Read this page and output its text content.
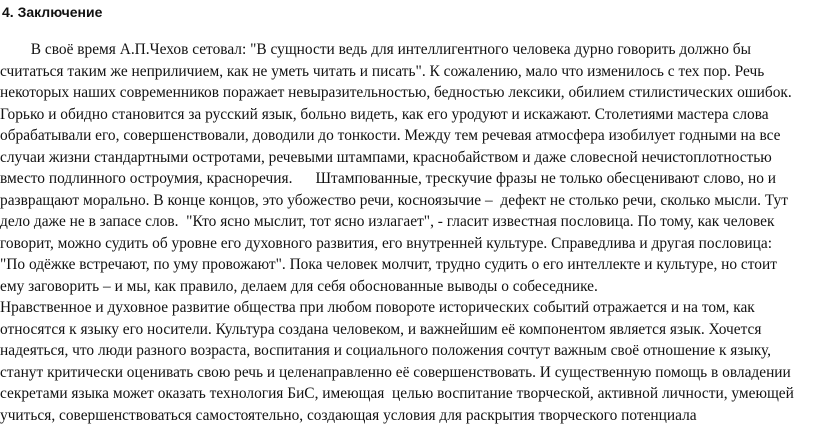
4. Заключение
В своё время А.П.Чехов сетовал: "В сущности ведь для интеллигентного человека дурно говорить должно бы
считаться таким же неприличием, как не уметь читать и писать". К сожалению, мало что изменилось с тех пор. Речь
некоторых наших современников поражает невыразительностью, бедностью лексики, обилием стилистических ошибок.
Горько и обидно становится за русский язык, больно видеть, как его уродуют и искажают. Столетиями мастера слова
обрабатывали его, совершенствовали, доводили до тонкости. Между тем речевая атмосфера изобилует годными на все
случаи жизни стандартными остротами, речевыми штампами, краснобайством и даже словесной нечистоплотностью
вместо подлинного остроумия, красноречия.      Штампованные, трескучие фразы не только обесценивают слово, но и
развращают морально. В конце концов, это убожество речи, косноязычие –  дефект не столько речи, сколько мысли. Тут
дело даже не в запасе слов.  "Кто ясно мыслит, тот ясно излагает", - гласит известная пословица. По тому, как человек
говорит, можно судить об уровне его духовного развития, его внутренней культуре. Справедлива и другая пословица:
"По одёжке встречают, по уму провожают". Пока человек молчит, трудно судить о его интеллекте и культуре, но стоит
ему заговорить – и мы, как правило, делаем для себя обоснованные выводы о собеседнике.
Нравственное и духовное развитие общества при любом повороте исторических событий отражается и на том, как
относятся к языку его носители. Культура создана человеком, и важнейшим её компонентом является язык. Хочется
надеяться, что люди разного возраста, воспитания и социального положения сочтут важным своё отношение к языку,
станут критически оценивать свою речь и целенаправленно её совершенствовать. И существенную помощь в овладении
секретами языка может оказать технология БиС, имеющая  целью воспитание творческой, активной личности, умеющей
учиться, совершенствоваться самостоятельно, создающая условия для раскрытия творческого потенциала
